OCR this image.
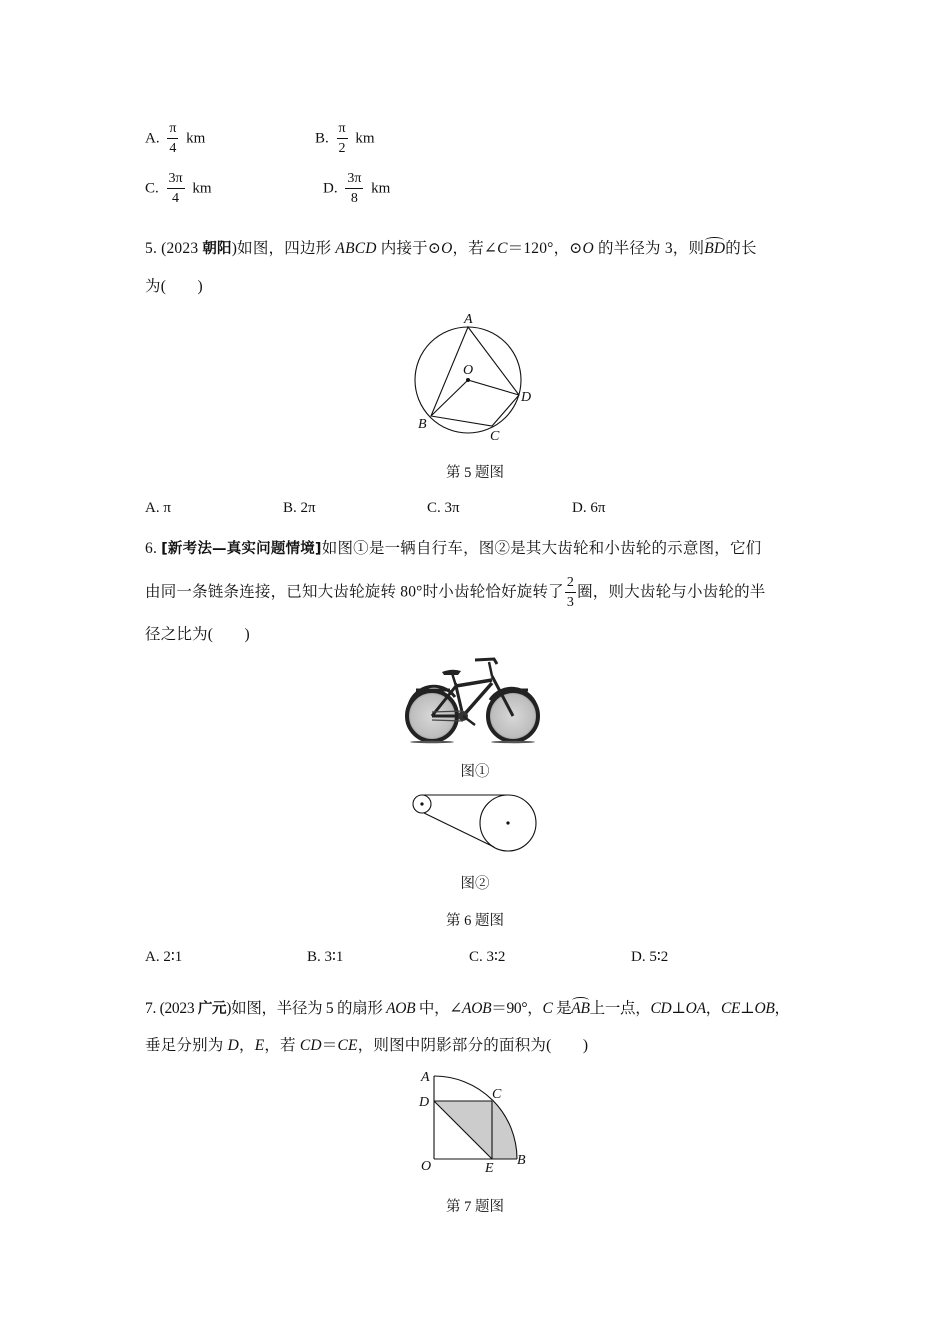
A. $\frac{\pi}{4}$ km	B. $\frac{\pi}{2}$ km
C. $\frac{3\pi}{4}$ km	D. $\frac{3\pi}{8}$ km
5. (2023 朝阳)如图，四边形 ABCD 内接于⊙O，若∠C＝120°，⊙O 的半径为 3，则BD的长
为(　　)
A
O
D
B
C
第 5 题图
A. π	B. 2π	C. 3π	D. 6π
6. [新考法—真实问题情境]如图①是一辆自行车，图②是其大齿轮和小齿轮的示意图，它们
由同一条链条连接，已知大齿轮旋转 80°时小齿轮恰好旋转了 $\frac{2}{3}$ 圈，则大齿轮与小齿轮的半
径之比为(　　)
图①
图②
第 6 题图
A. 2∶1	B. 3∶1	C. 3∶2	D. 5∶2
7. (2023 广元)如图，半径为 5 的扇形 AOB 中，∠AOB＝90°，C 是AB上一点，CD⊥OA，CE⊥OB，
垂足分别为 D，E，若 CD＝CE，则图中阴影部分的面积为(　　)
A
D
C
O	E
B
第 7 题图
